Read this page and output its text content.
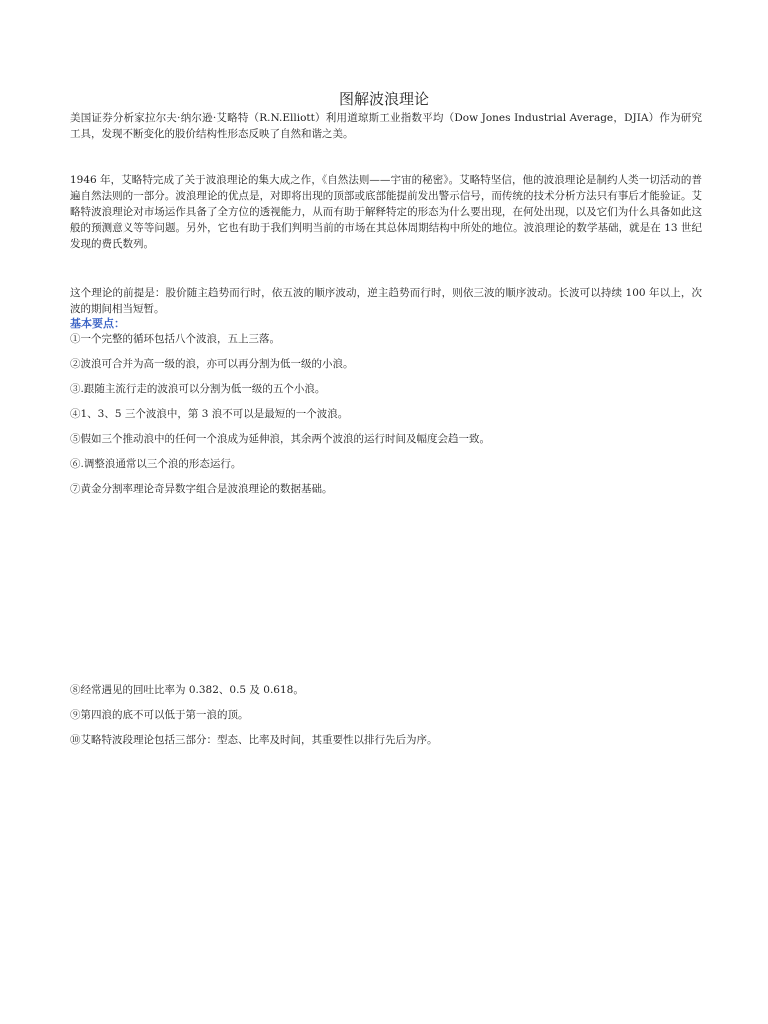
图解波浪理论
美国证券分析家拉尔夫·纳尔逊·艾略特（R.N.Elliott）利用道琼斯工业指数平均（Dow Jones Industrial Average，DJIA）作为研究工具，发现不断变化的股价结构性形态反映了自然和谐之美。
1946 年，艾略特完成了关于波浪理论的集大成之作，《自然法则——宇宙的秘密》。艾略特坚信，他的波浪理论是制约人类一切活动的普遍自然法则的一部分。波浪理论的优点是，对即将出现的顶部或底部能提前发出警示信号，而传统的技术分析方法只有事后才能验证。艾略特波浪理论对市场运作具备了全方位的透视能力，从而有助于解释特定的形态为什么要出现，在何处出现，以及它们为什么具备如此这般的预测意义等等问题。另外，它也有助于我们判明当前的市场在其总体周期结构中所处的地位。波浪理论的数学基础，就是在 13 世纪发现的费氏数列。
这个理论的前提是：股价随主趋势而行时，依五波的顺序波动，逆主趋势而行时，则依三波的顺序波动。长波可以持续 100 年以上，次波的期间相当短暂。
基本要点：
①一个完整的循环包括八个波浪，五上三落。
②波浪可合并为高一级的浪，亦可以再分割为低一级的小浪。
③.跟随主流行走的波浪可以分割为低一级的五个小浪。
④1、3、5 三个波浪中，第 3 浪不可以是最短的一个波浪。
⑤假如三个推动浪中的任何一个浪成为延伸浪，其余两个波浪的运行时间及幅度会趋一致。
⑥.调整浪通常以三个浪的形态运行。
⑦黄金分割率理论奇异数字组合是波浪理论的数据基础。
⑧经常遇见的回吐比率为 0.382、0.5 及 0.618。
⑨第四浪的底不可以低于第一浪的顶。
⑩艾略特波段理论包括三部分：型态、比率及时间，其重要性以排行先后为序。
